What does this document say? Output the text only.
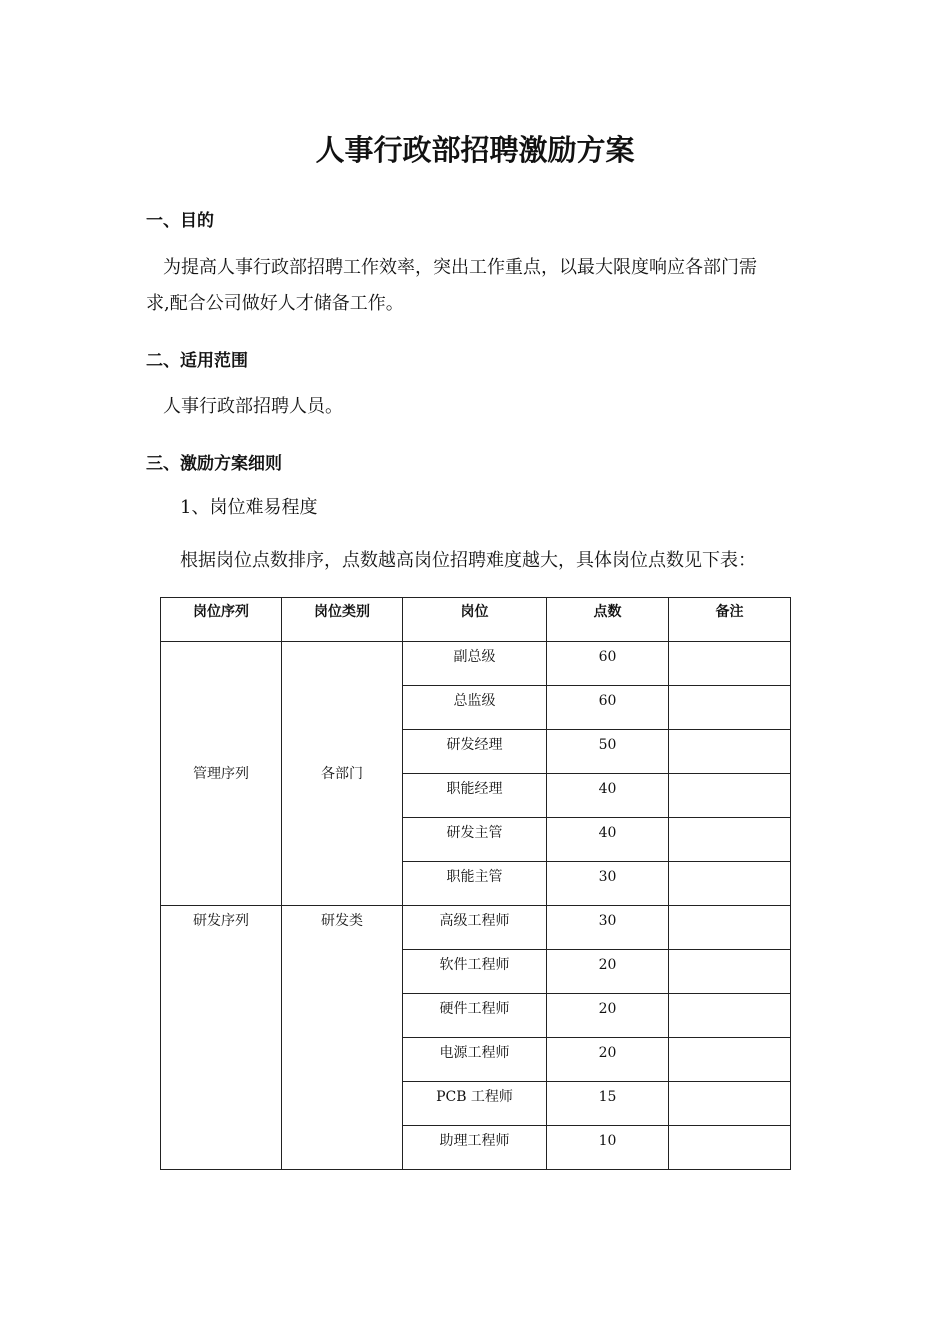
人事行政部招聘激励方案
一、目的
为提高人事行政部招聘工作效率，突出工作重点，以最大限度响应各部门需
求,配合公司做好人才储备工作。
二、适用范围
人事行政部招聘人员。
三、激励方案细则
1、岗位难易程度
根据岗位点数排序，点数越高岗位招聘难度越大，具体岗位点数见下表：
岗位序列	岗位类别	岗位	点数	备注
管理序列	各部门	副总级	60	
		总监级	60	
		研发经理	50	
		职能经理	40	
		研发主管	40	
		职能主管	30	
研发序列	研发类	高级工程师	30	
		软件工程师	20	
		硬件工程师	20	
		电源工程师	20	
		PCB 工程师	15	
		助理工程师	10	
